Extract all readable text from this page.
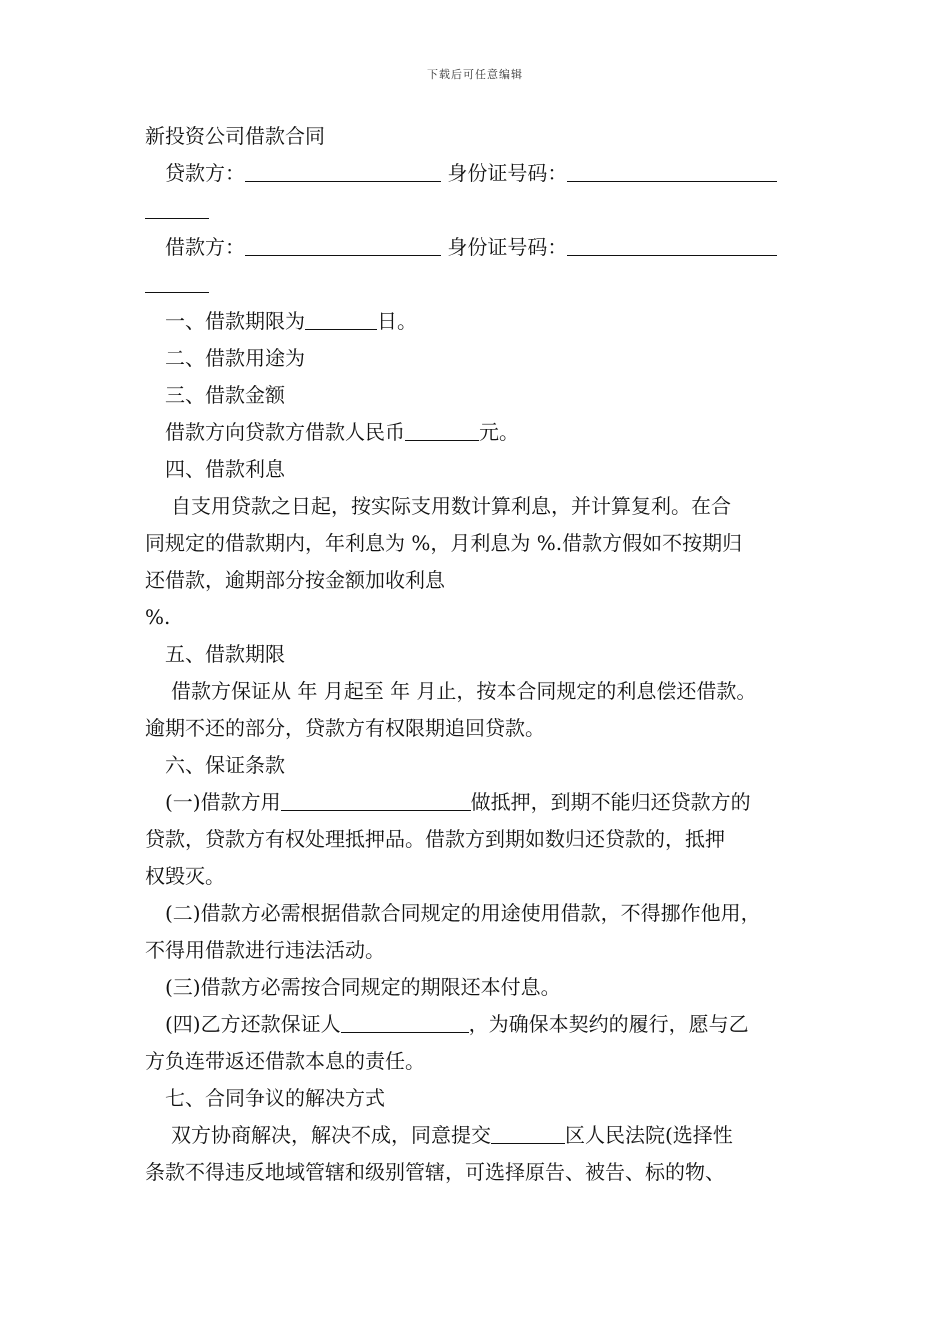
下载后可任意编辑
新投资公司借款合同
贷款方：	身份证号码：
借款方：	身份证号码：
一、借款期限为	日。
二、借款用途为
三、借款金额
借款方向贷款方借款人民币	元。
四、借款利息
自支用贷款之日起，按实际支用数计算利息，并计算复利。在合
同规定的借款期内，年利息为 %，月利息为 %.借款方假如不按期归
还借款，逾期部分按金额加收利息
%.
五、借款期限
借款方保证从 年 月起至 年 月止，按本合同规定的利息偿还借款。
逾期不还的部分，贷款方有权限期追回贷款。
六、保证条款
(一)借款方用	做抵押，到期不能归还贷款方的
贷款，贷款方有权处理抵押品。借款方到期如数归还贷款的，抵押
权毁灭。
(二)借款方必需根据借款合同规定的用途使用借款，不得挪作他用，
不得用借款进行违法活动。
(三)借款方必需按合同规定的期限还本付息。
(四)乙方还款保证人	，为确保本契约的履行，愿与乙
方负连带返还借款本息的责任。
七、合同争议的解决方式
双方协商解决，解决不成，同意提交	区人民法院(选择性
条款不得违反地域管辖和级别管辖，可选择原告、被告、标的物、
